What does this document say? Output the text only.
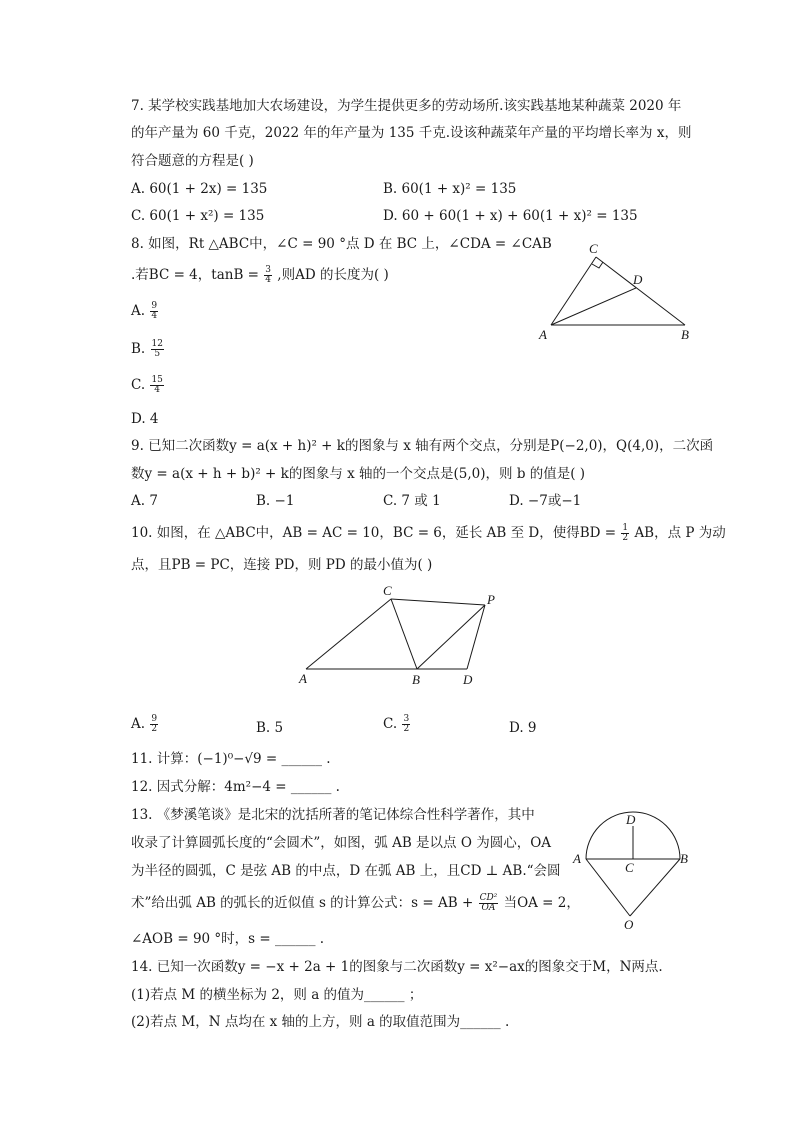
7. 某学校实践基地加大农场建设，为学生提供更多的劳动场所.该实践基地某种蔬菜 2020 年
的年产量为 60 千克，2022 年的年产量为 135 千克.设该种蔬菜年产量的平均增长率为 x，则
符合题意的方程是( )
A. 60(1 + 2x) = 135	B. 60(1 + x)² = 135
C. 60(1 + x²) = 135	D. 60 + 60(1 + x) + 60(1 + x)² = 135
8. 如图，Rt △ABC中，∠C = 90 °点 D 在 BC 上，∠CDA = ∠CAB
.若BC = 4，$\tan B = \frac{3}{4}$ ,则AD 的长度为( )
A. $\frac{9}{4}$
B. $\frac{12}{5}$
C. $\frac{15}{4}$
D. 4
C
D
A	B
9. 已知二次函数y = a(x + h)² + k的图象与 x 轴有两个交点，分别是P(−2,0)，Q(4,0)，二次函
数y = a(x + h + b)² + k的图象与 x 轴的一个交点是(5,0)，则 b 的值是( )
A. 7	B. −1	C. 7 或 1	D. −7或−1
10. 如图，在 △ABC中，AB = AC = 10，BC = 6，延长 AB 至 D，使得BD = $\frac{1}{2}$ AB，点 P 为动
点，且PB = PC，连接 PD，则 PD 的最小值为( )
C
P
A	B	D
A. $\frac{9}{2}$	B. 5	C. $\frac{3}{2}$	D. 9
11. 计算：(−1)⁰−√9 = ______ .
12. 因式分解：4m²−4 = ______ .
13. 《梦溪笔谈》是北宋的沈括所著的笔记体综合性科学著作，其中
收录了计算圆弧长度的“会圆术”，如图，弧 AB 是以点 O 为圆心，OA
为半径的圆弧，C 是弦 AB 的中点，D 在弧 AB 上，且CD ⊥ AB.“会圆
术”给出弧 AB 的弧长的近似值 s 的计算公式：s = AB + $\frac{\text{CD²}}{OA}$ 当OA = 2，
∠AOB = 90 °时，s = ______ .
D
A
C
B
O
14. 已知一次函数y = −x + 2a + 1的图象与二次函数y = x²−ax的图象交于M，N两点.
(1)若点 M 的横坐标为 2，则 a 的值为______ ；
(2)若点 M，N 点均在 x 轴的上方，则 a 的取值范围为______ .
